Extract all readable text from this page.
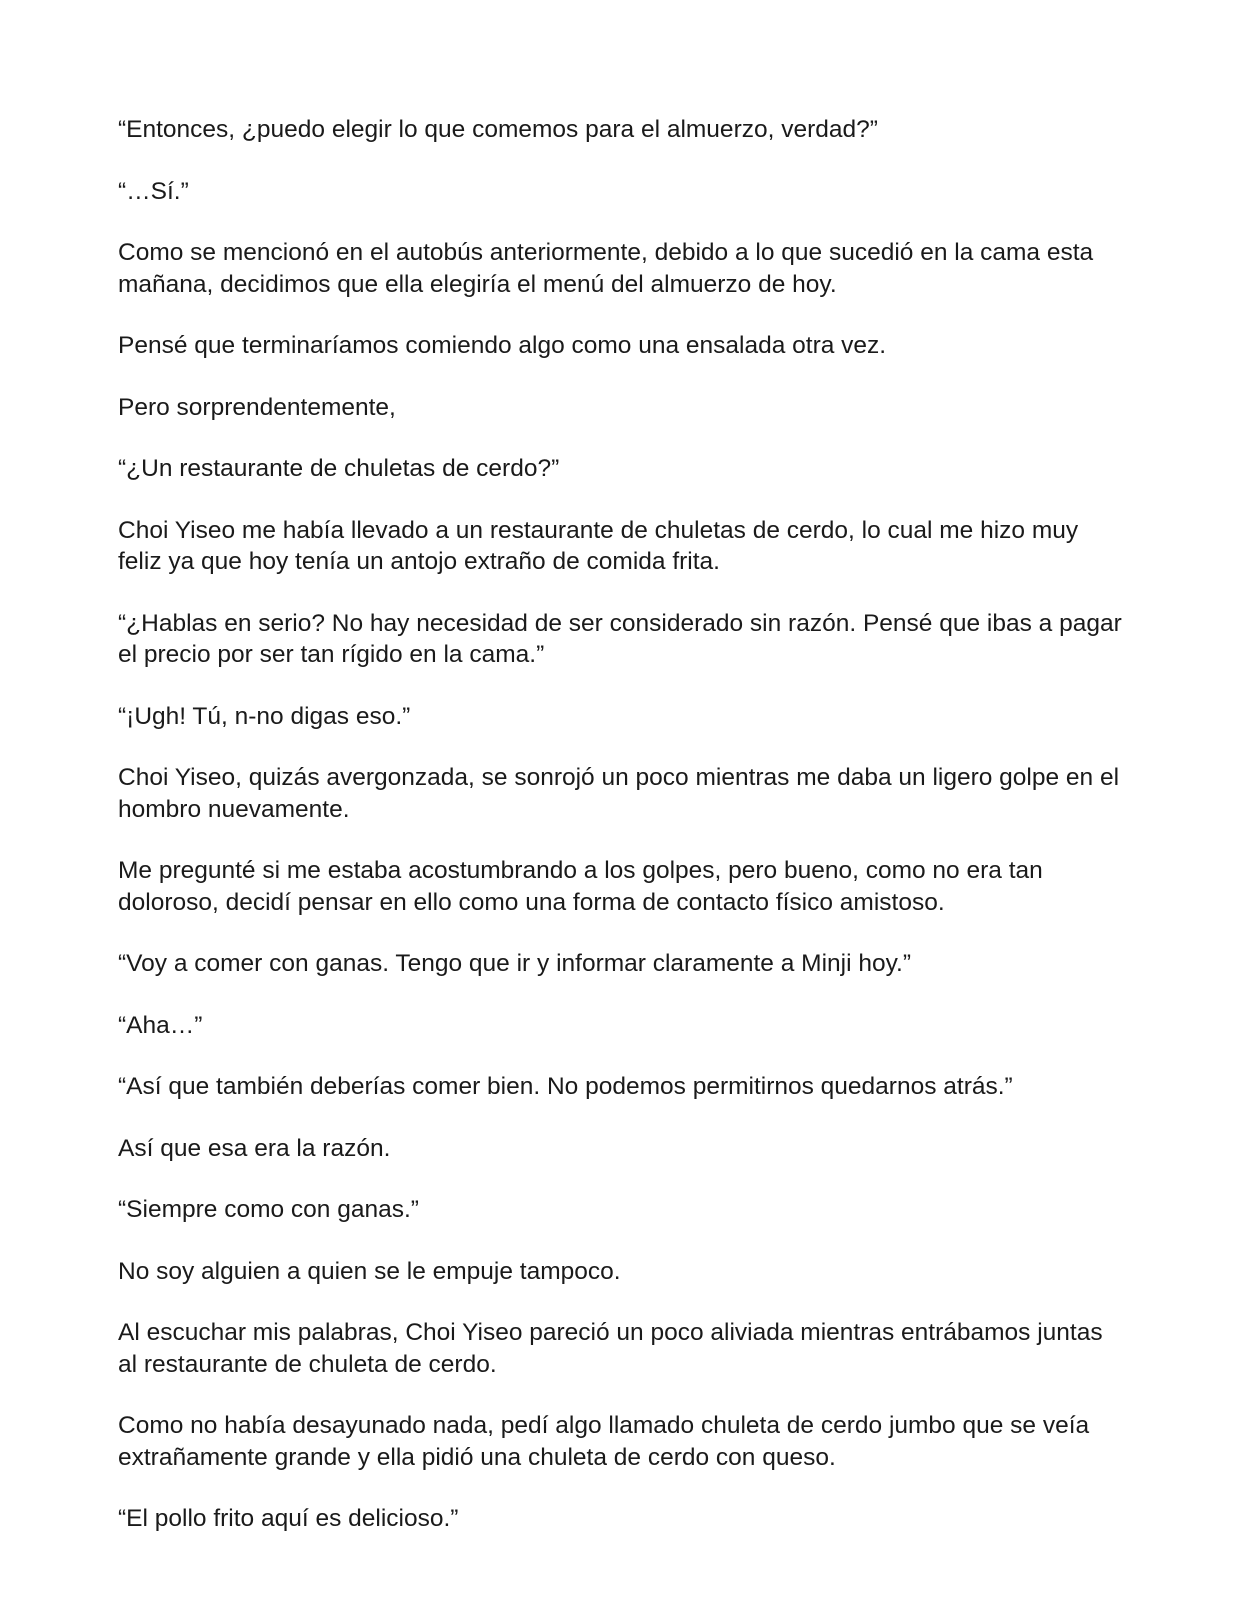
“Entonces, ¿puedo elegir lo que comemos para el almuerzo, verdad?”

“…Sí.”

Como se mencionó en el autobús anteriormente, debido a lo que sucedió en la cama esta mañana, decidimos que ella elegiría el menú del almuerzo de hoy.

Pensé que terminaríamos comiendo algo como una ensalada otra vez.

Pero sorprendentemente,

“¿Un restaurante de chuletas de cerdo?”

Choi Yiseo me había llevado a un restaurante de chuletas de cerdo, lo cual me hizo muy feliz ya que hoy tenía un antojo extraño de comida frita.

“¿Hablas en serio? No hay necesidad de ser considerado sin razón. Pensé que ibas a pagar el precio por ser tan rígido en la cama.”

“¡Ugh! Tú, n-no digas eso.”

Choi Yiseo, quizás avergonzada, se sonrojó un poco mientras me daba un ligero golpe en el hombro nuevamente.

Me pregunté si me estaba acostumbrando a los golpes, pero bueno, como no era tan doloroso, decidí pensar en ello como una forma de contacto físico amistoso.

“Voy a comer con ganas. Tengo que ir y informar claramente a Minji hoy.”

“Aha…”

“Así que también deberías comer bien. No podemos permitirnos quedarnos atrás.”

Así que esa era la razón.

“Siempre como con ganas.”

No soy alguien a quien se le empuje tampoco.

Al escuchar mis palabras, Choi Yiseo pareció un poco aliviada mientras entrábamos juntas al restaurante de chuleta de cerdo.

Como no había desayunado nada, pedí algo llamado chuleta de cerdo jumbo que se veía extrañamente grande y ella pidió una chuleta de cerdo con queso.

“El pollo frito aquí es delicioso.”
